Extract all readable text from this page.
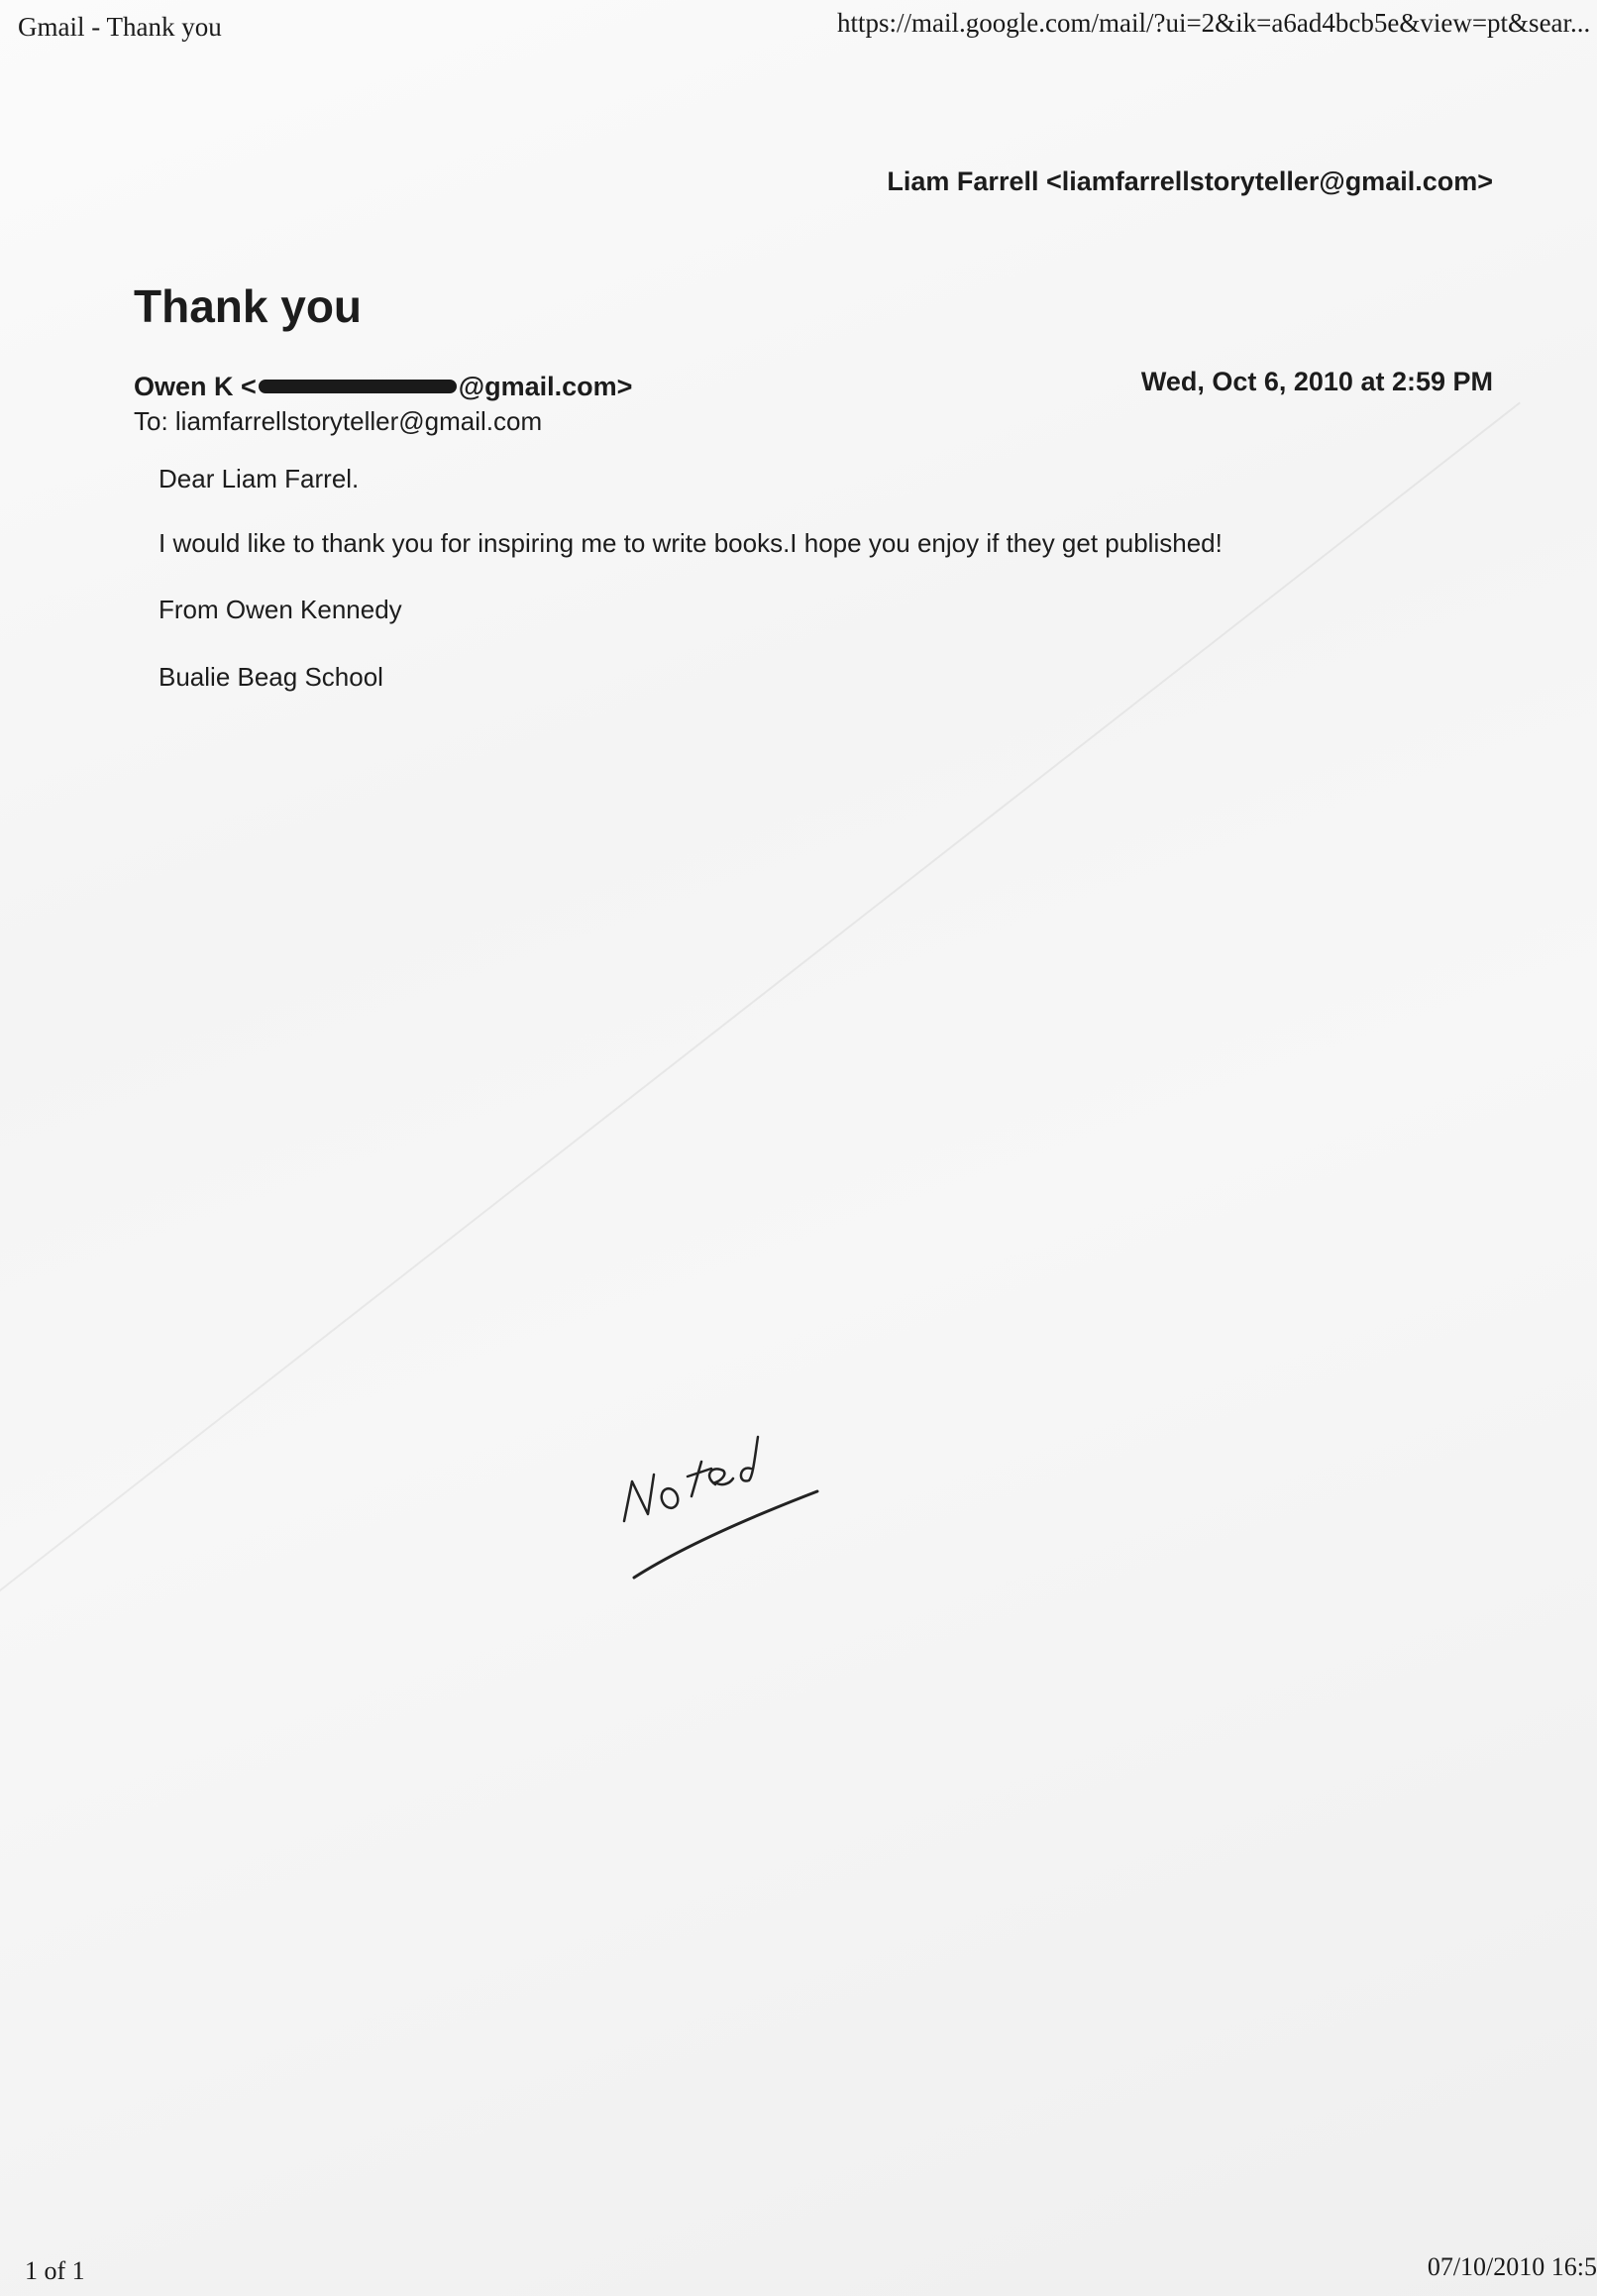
Gmail - Thank you	https://mail.google.com/mail/?ui=2&ik=a6ad4bcb5e&view=pt&sear...
Liam Farrell <liamfarrellstoryteller@gmail.com>
Thank you
Owen K <	@gmail.com>	Wed, Oct 6, 2010 at 2:59 PM
To: liamfarrellstoryteller@gmail.com
Dear Liam Farrel.
I would like to thank you for inspiring me to write books.I hope you enjoy if they get published!
From Owen Kennedy
Bualie Beag School
1 of 1	07/10/2010 16:5
